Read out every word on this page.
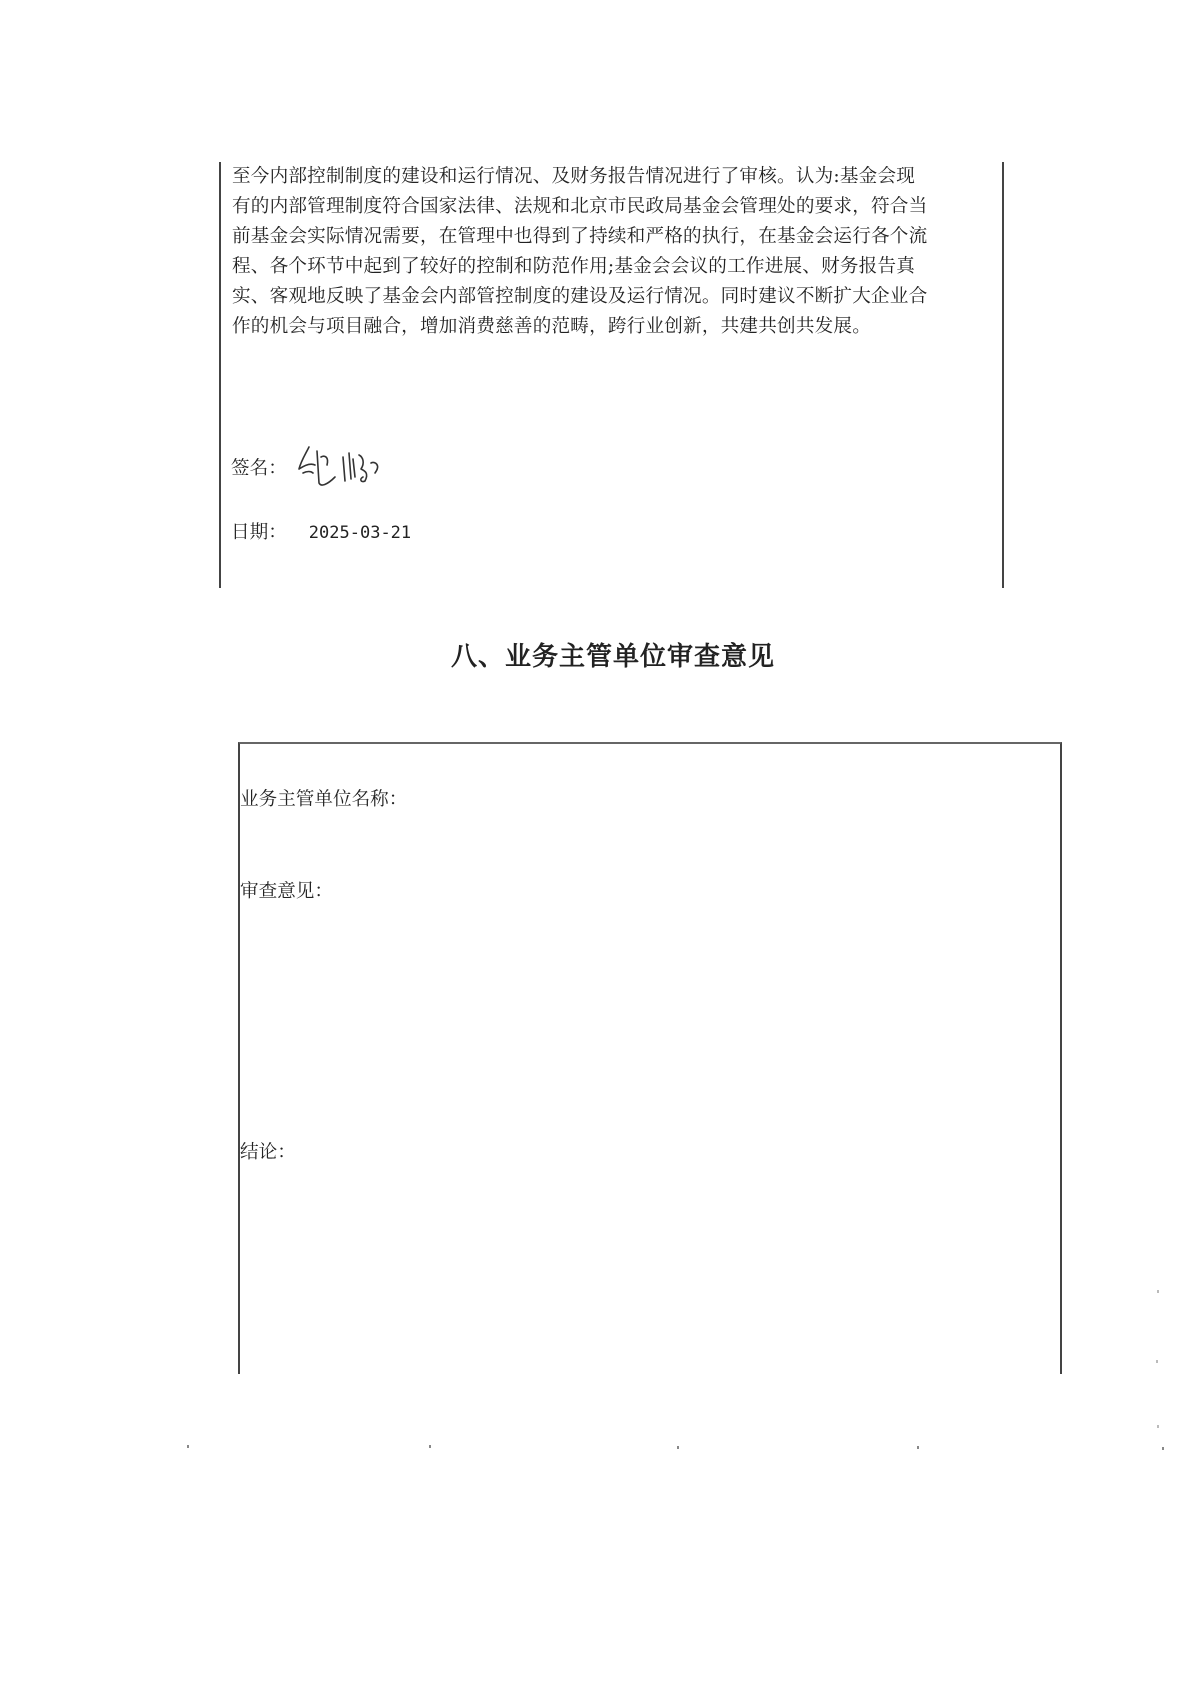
至今内部控制制度的建设和运行情况、及财务报告情况进行了审核。认为:基金会现
有的内部管理制度符合国家法律、法规和北京市民政局基金会管理处的要求，符合当
前基金会实际情况需要，在管理中也得到了持续和严格的执行，在基金会运行各个流
程、各个环节中起到了较好的控制和防范作用;基金会会议的工作进展、财务报告真
实、客观地反映了基金会内部管控制度的建设及运行情况。同时建议不断扩大企业合
作的机会与项目融合，增加消费慈善的范畴，跨行业创新，共建共创共发展。
签名：
日期： 2025-03-21
八、业务主管单位审查意见
业务主管单位名称：
审查意见：
结论：
